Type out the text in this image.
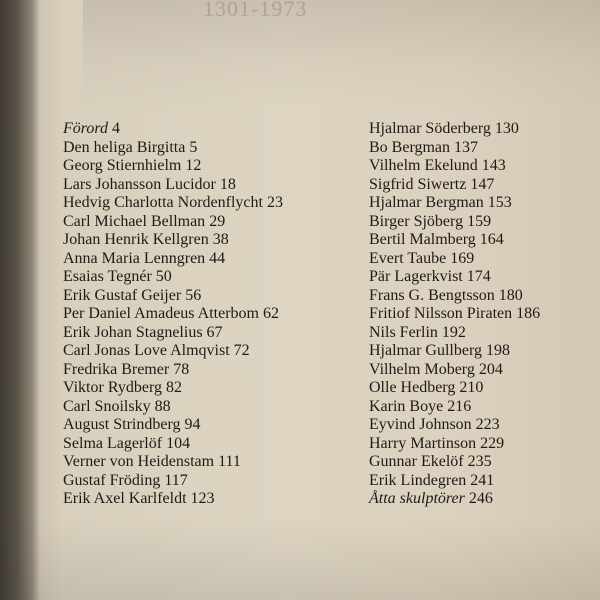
1301-1973
Förord 4
Den heliga Birgitta 5
Georg Stiernhielm 12
Lars Johansson Lucidor 18
Hedvig Charlotta Nordenflycht 23
Carl Michael Bellman 29
Johan Henrik Kellgren 38
Anna Maria Lenngren 44
Esaias Tegnér 50
Erik Gustaf Geijer 56
Per Daniel Amadeus Atterbom 62
Erik Johan Stagnelius 67
Carl Jonas Love Almqvist 72
Fredrika Bremer 78
Viktor Rydberg 82
Carl Snoilsky 88
August Strindberg 94
Selma Lagerlöf 104
Verner von Heidenstam 111
Gustaf Fröding 117
Erik Axel Karlfeldt 123
Hjalmar Söderberg 130
Bo Bergman 137
Vilhelm Ekelund 143
Sigfrid Siwertz 147
Hjalmar Bergman 153
Birger Sjöberg 159
Bertil Malmberg 164
Evert Taube 169
Pär Lagerkvist 174
Frans G. Bengtsson 180
Fritiof Nilsson Piraten 186
Nils Ferlin 192
Hjalmar Gullberg 198
Vilhelm Moberg 204
Olle Hedberg 210
Karin Boye 216
Eyvind Johnson 223
Harry Martinson 229
Gunnar Ekelöf 235
Erik Lindegren 241
Åtta skulptörer 246
